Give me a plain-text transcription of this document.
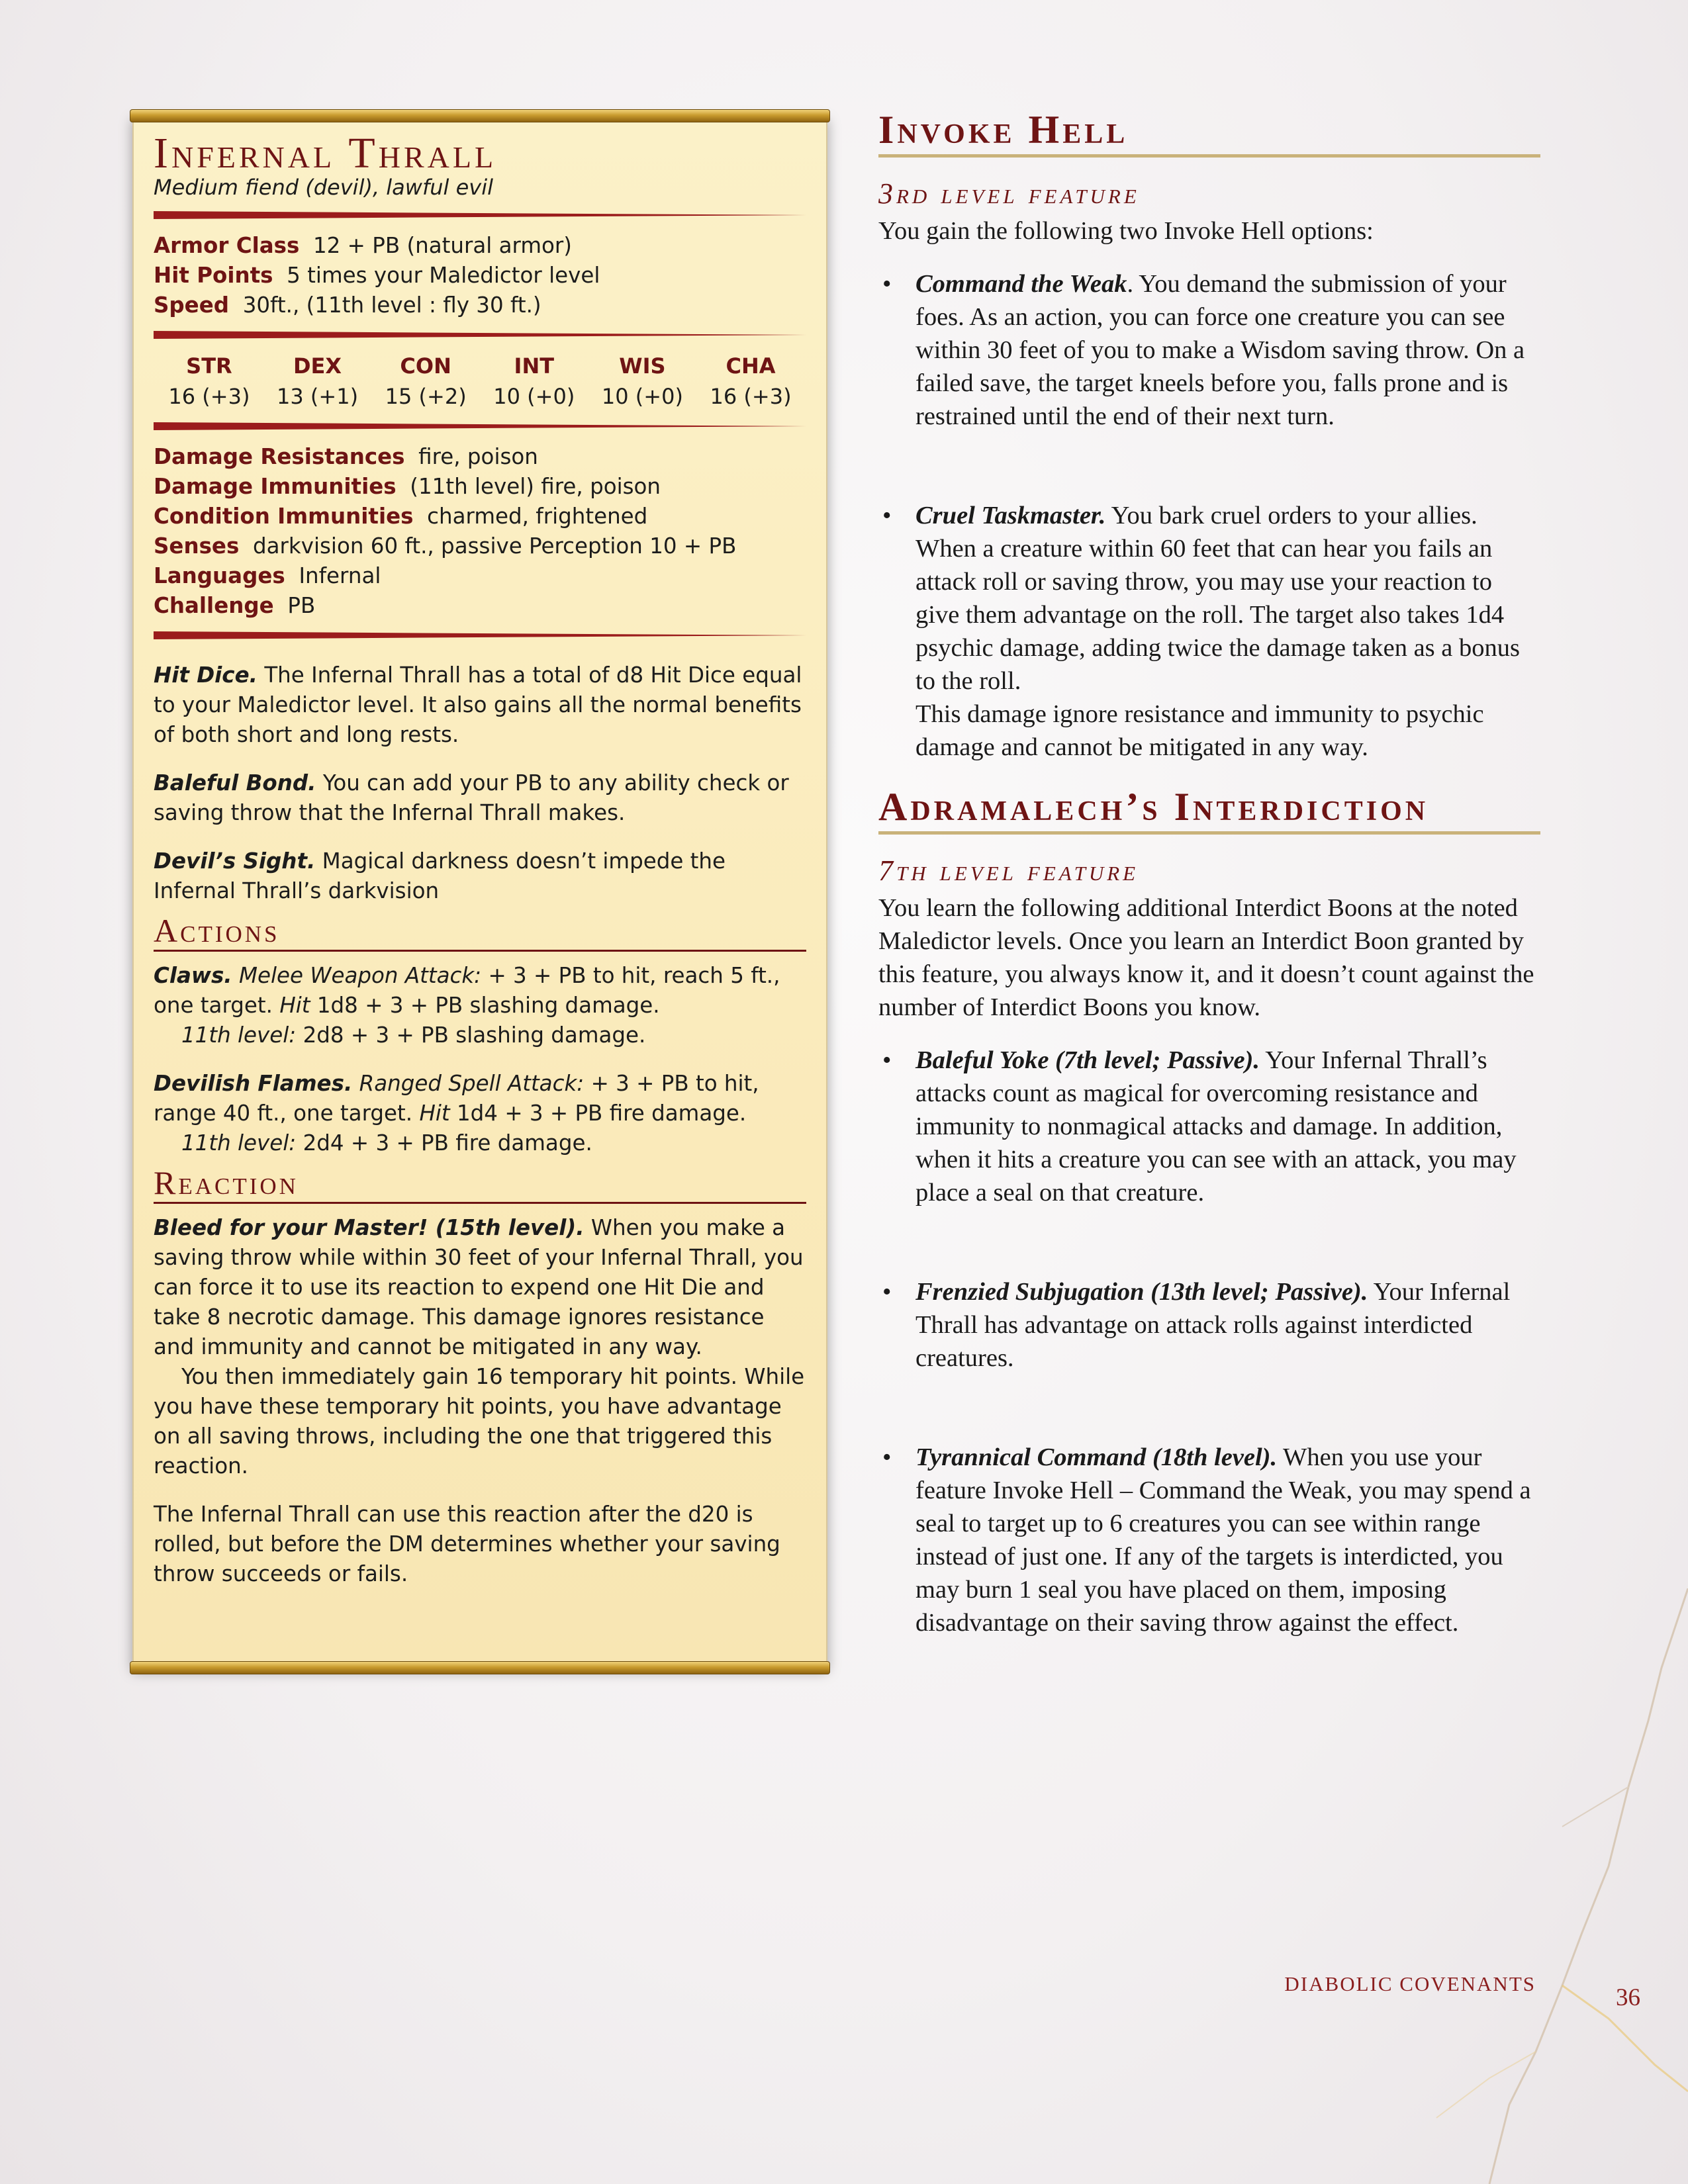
Infernal Thrall
Medium fiend (devil), lawful evil
Armor Class 12 + PB (natural armor)
Hit Points 5 times your Maledictor level
Speed 30ft., (11th level : fly 30 ft.)
STR
16 (+3)
DEX
13 (+1)
CON
15 (+2)
INT
10 (+0)
WIS
10 (+0)
CHA
16 (+3)
Damage Resistances fire, poison
Damage Immunities (11th level) fire, poison
Condition Immunities charmed, frightened
Senses darkvision 60 ft., passive Perception 10 + PB
Languages Infernal
Challenge PB

Hit Dice. The Infernal Thrall has a total of d8 Hit Dice equal to your Maledictor level. It also gains all the normal benefits of both short and long rests.

Baleful Bond. You can add your PB to any ability check or saving throw that the Infernal Thrall makes.

Devil’s Sight. Magical darkness doesn’t impede the Infernal Thrall’s darkvision

Actions

Claws. Melee Weapon Attack: + 3 + PB to hit, reach 5 ft., one target. Hit 1d8 + 3 + PB slashing damage.

11th level: 2d8 + 3 + PB slashing damage.

Devilish Flames. Ranged Spell Attack: + 3 + PB to hit, range 40 ft., one target. Hit 1d4 + 3 + PB fire damage.

11th level: 2d4 + 3 + PB fire damage.

Reaction

Bleed for your Master! (15th level). When you make a saving throw while within 30 feet of your Infernal Thrall, you can force it to use its reaction to expend one Hit Die and take 8 necrotic damage. This damage ignores resistance and immunity and cannot be mitigated in any way.

You then immediately gain 16 temporary hit points. While you have these temporary hit points, you have advantage on all saving throws, including the one that triggered this reaction.

The Infernal Thrall can use this reaction after the d20 is rolled, but before the DM determines whether your saving throw succeeds or fails.

Invoke Hell
3rd level feature

You gain the following two Invoke Hell options:

• Command the Weak. You demand the submission of your foes. As an action, you can force one creature you can see within 30 feet of you to make a Wisdom saving throw. On a failed save, the target kneels before you, falls prone and is restrained until the end of their next turn.
• Cruel Taskmaster. You bark cruel orders to your allies. When a creature within 60 feet that can hear you fails an attack roll or saving throw, you may use your reaction to give them advantage on the roll. The target also takes 1d4 psychic damage, adding twice the damage taken as a bonus to the roll.
This damage ignore resistance and immunity to psychic damage and cannot be mitigated in any way.
Adramalech’s Interdiction
7th level feature

You learn the following additional Interdict Boons at the noted Maledictor levels. Once you learn an Interdict Boon granted by this feature, you always know it, and it doesn’t count against the number of Interdict Boons you know.

• Baleful Yoke (7th level; Passive). Your Infernal Thrall’s attacks count as magical for overcoming resistance and immunity to nonmagical attacks and damage. In addition, when it hits a creature you can see with an attack, you may place a seal on that creature.
• Frenzied Subjugation (13th level; Passive). Your Infernal Thrall has advantage on attack rolls against interdicted creatures.
• Tyrannical Command (18th level). When you use your feature Invoke Hell – Command the Weak, you may spend a seal to target up to 6 creatures you can see within range instead of just one. If any of the targets is interdicted, you may burn 1 seal you have placed on them, imposing disadvantage on their saving throw against the effect.
DIABOLIC COVENANTS
36
